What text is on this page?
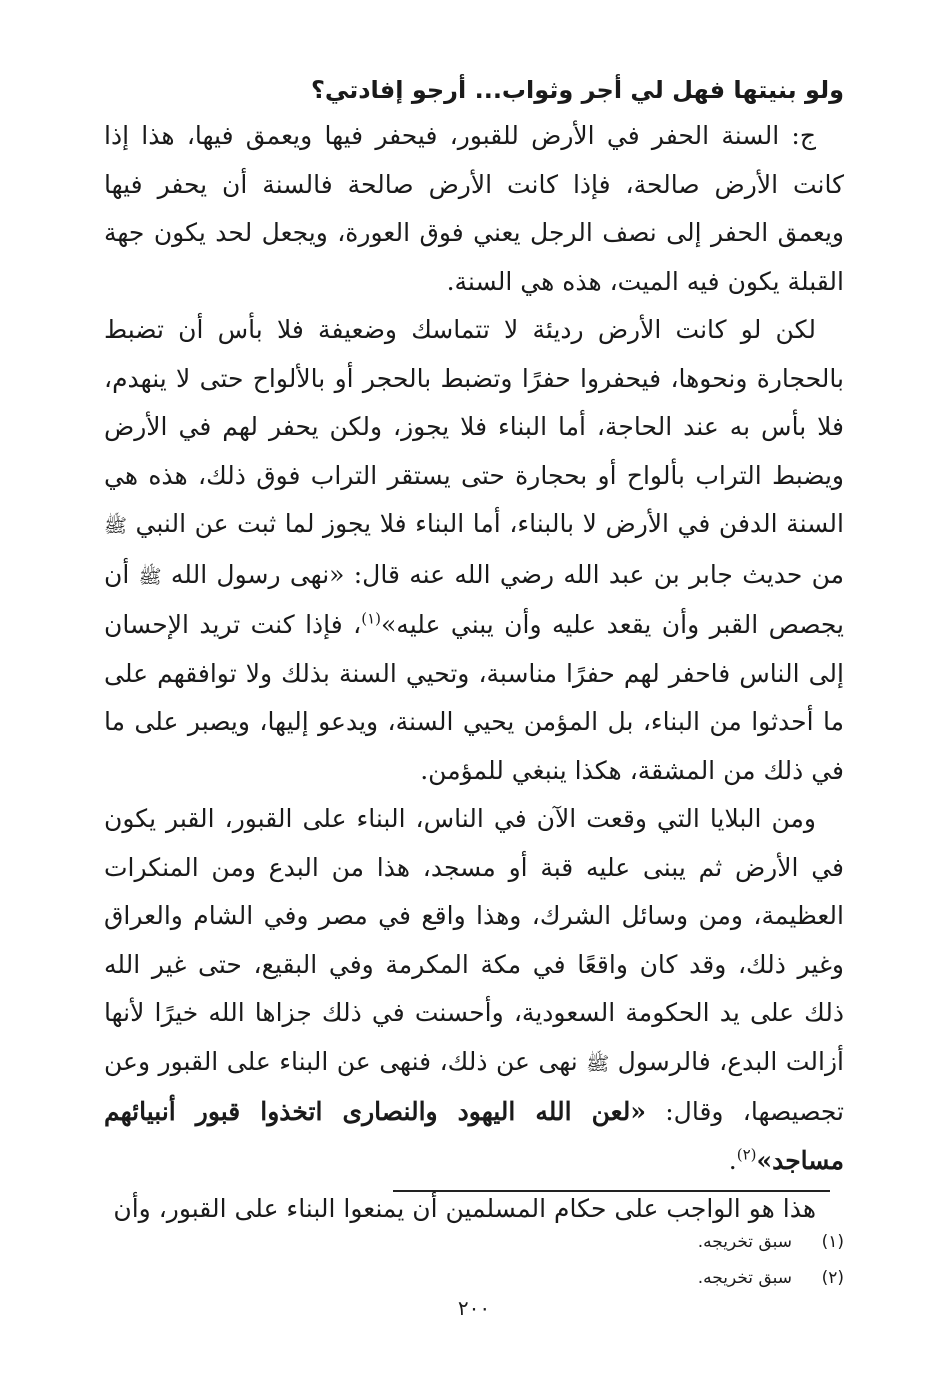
ولو بنيتها فهل لي أجر وثواب... أرجو إفادتي؟

ج: السنة الحفر في الأرض للقبور، فيحفر فيها ويعمق فيها، هذا إذا كانت الأرض صالحة، فإذا كانت الأرض صالحة فالسنة أن يحفر فيها ويعمق الحفر إلى نصف الرجل يعني فوق العورة، ويجعل لحد يكون جهة القبلة يكون فيه الميت، هذه هي السنة.

لكن لو كانت الأرض رديئة لا تتماسك وضعيفة فلا بأس أن تضبط بالحجارة ونحوها، فيحفروا حفرًا وتضبط بالحجر أو بالألواح حتى لا ينهدم، فلا بأس به عند الحاجة، أما البناء فلا يجوز، ولكن يحفر لهم في الأرض ويضبط التراب بألواح أو بحجارة حتى يستقر التراب فوق ذلك، هذه هي السنة الدفن في الأرض لا بالبناء، أما البناء فلا يجوز لما ثبت عن النبي ﷺ من حديث جابر بن عبد الله رضي الله عنه قال: «نهى رسول الله ﷺ أن يجصص القبر وأن يقعد عليه وأن يبني عليه»$^{(١)}$، فإذا كنت تريد الإحسان إلى الناس فاحفر لهم حفرًا مناسبة، وتحيي السنة بذلك ولا توافقهم على ما أحدثوا من البناء، بل المؤمن يحيي السنة، ويدعو إليها، ويصبر على ما في ذلك من المشقة، هكذا ينبغي للمؤمن.

ومن البلايا التي وقعت الآن في الناس، البناء على القبور، القبر يكون في الأرض ثم يبنى عليه قبة أو مسجد، هذا من البدع ومن المنكرات العظيمة، ومن وسائل الشرك، وهذا واقع في مصر وفي الشام والعراق وغير ذلك، وقد كان واقعًا في مكة المكرمة وفي البقيع، حتى غير الله ذلك على يد الحكومة السعودية، وأحسنت في ذلك جزاها الله خيرًا لأنها أزالت البدع، فالرسول ﷺ نهى عن ذلك، فنهى عن البناء على القبور وعن تجصيصها، وقال: «لعن الله اليهود والنصارى اتخذوا قبور أنبيائهم مساجد»$^{(٢)}$.

هذا هو الواجب على حكام المسلمين أن يمنعوا البناء على القبور، وأن

(١)سبق تخريجه.

(٢)سبق تخريجه.

٢٠٠
